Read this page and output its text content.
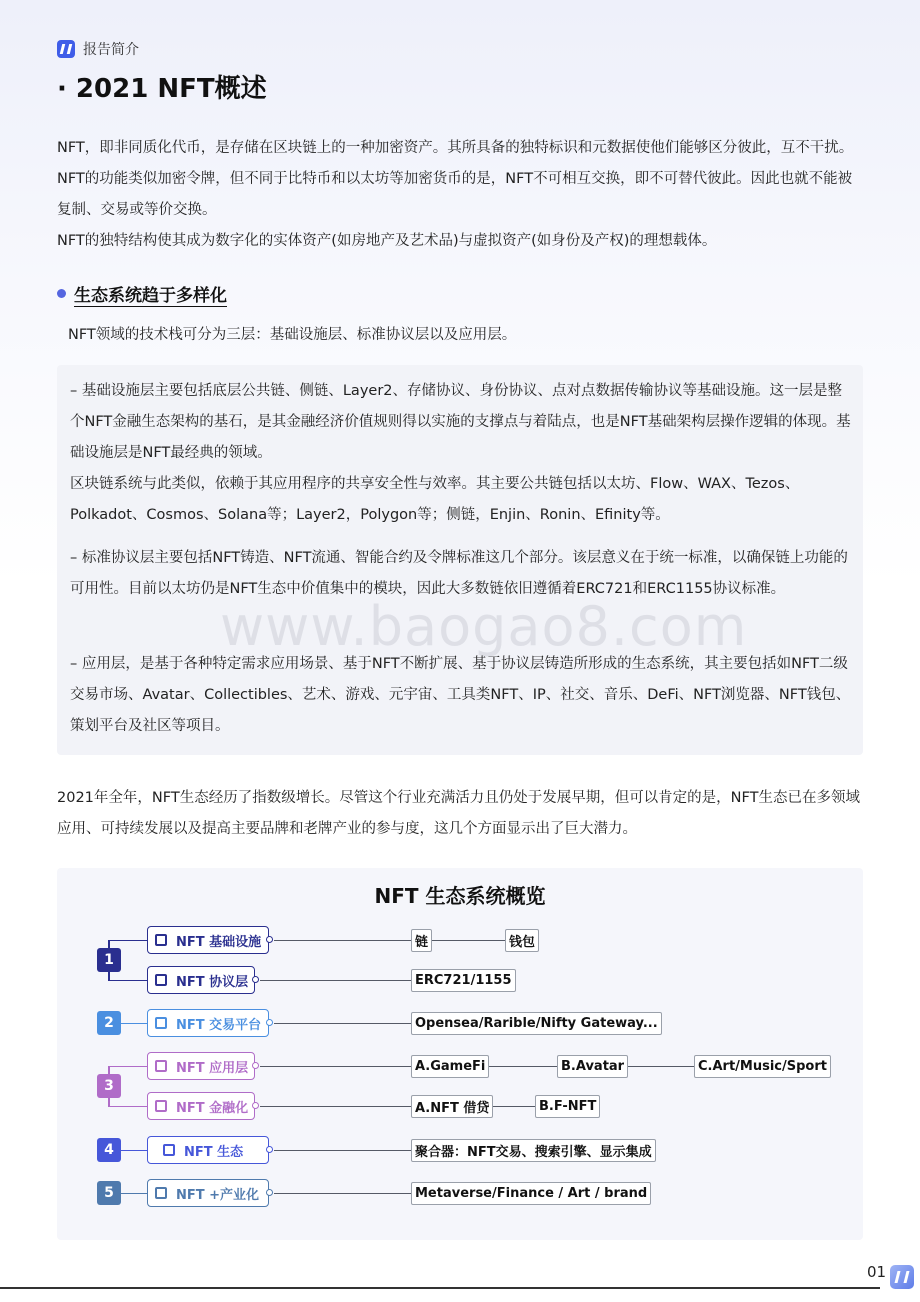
报告简介
· 2021 NFT概述

NFT，即非同质化代币，是存储在区块链上的一种加密资产。其所具备的独特标识和元数据使他们能够区分彼此，互不干扰。NFT的功能类似加密令牌，但不同于比特币和以太坊等加密货币的是，NFT不可相互交换，即不可替代彼此。因此也就不能被复制、交易或等价交换。

NFT的独特结构使其成为数字化的实体资产(如房地产及艺术品)与虚拟资产(如身份及产权)的理想载体。

生态系统趋于多样化

NFT领域的技术栈可分为三层：基础设施层、标准协议层以及应用层。

– 基础设施层主要包括底层公共链、侧链、Layer2、存储协议、身份协议、点对点数据传输协议等基础设施。这一层是整个NFT金融生态架构的基石，是其金融经济价值规则得以实施的支撑点与着陆点，也是NFT基础架构层操作逻辑的体现。基础设施层是NFT最经典的领域。

区块链系统与此类似，依赖于其应用程序的共享安全性与效率。其主要公共链包括以太坊、Flow、WAX、Tezos、Polkadot、Cosmos、Solana等；Layer2，Polygon等；侧链，Enjin、Ronin、Efinity等。

– 标准协议层主要包括NFT铸造、NFT流通、智能合约及令牌标准这几个部分。该层意义在于统一标准，以确保链上功能的可用性。目前以太坊仍是NFT生态中价值集中的模块，因此大多数链依旧遵循着ERC721和ERC1155协议标准。

– 应用层，是基于各种特定需求应用场景、基于NFT不断扩展、基于协议层铸造所形成的生态系统，其主要包括如NFT二级交易市场、Avatar、Collectibles、艺术、游戏、元宇宙、工具类NFT、IP、社交、音乐、DeFi、NFT浏览器、NFT钱包、策划平台及社区等项目。

www.baogao8.com

2021年全年，NFT生态经历了指数级增长。尽管这个行业充满活力且仍处于发展早期，但可以肯定的是，NFT生态已在多领域应用、可持续发展以及提高主要品牌和老牌产业的参与度，这几个方面显示出了巨大潜力。

NFT 生态系统概览
1
2
3
4
5
NFT 基础设施
NFT 协议层
NFT 交易平台
NFT 应用层
NFT 金融化
NFT 生态
NFT +产业化
链	钱包
ERC721/1155
Opensea/Rarible/Nifty Gateway...
A.GameFi	B.Avatar	C.Art/Music/Sport
A.NFT 借贷	B.F-NFT
聚合器：NFT交易、搜索引擎、显示集成
Metaverse/Finance / Art / brand
01
